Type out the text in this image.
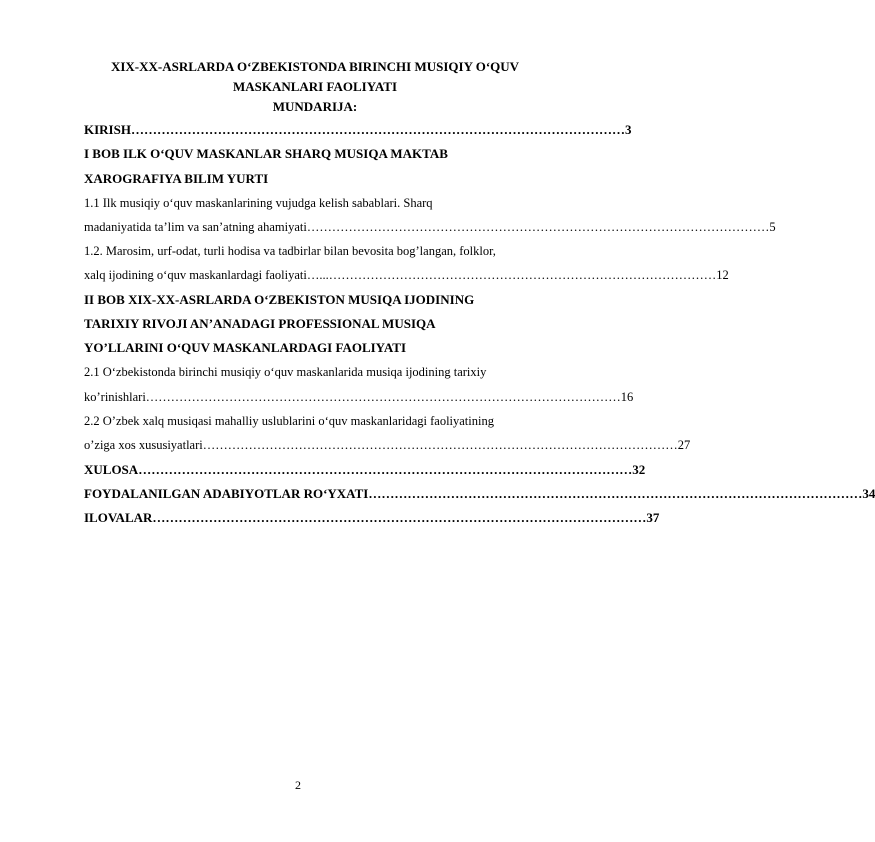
XIX-XX-ASRLARDA O‘ZBEKISTONDA BIRINCHI MUSIQIY O‘QUV
MASKANLARI FAOLIYATI
MUNDARIJA:
KIRISH …………………………………………………………………………………………………… 3
I BOB ILK O‘QUV MASKANLAR SHARQ MUSIQA MAKTAB
XAROGRAFIYA BILIM YURTI
1.1 Ilk musiqiy o‘quv maskanlarining vujudga kelish sabablari. Sharq
madaniyatida ta’lim va san’atning ahamiyati ………………………………………………………………………………………………… 5
1.2. Marosim, urf-odat, turli hodisa va tadbirlar bilan bevosita bog’langan, folklor,
xalq ijodining o‘quv maskanlardagi faoliyati …...………………………………………………………………………………… 12
II BOB XIX-XX-ASRLARDA O‘ZBEKISTON MUSIQA IJODINING
TARIXIY RIVOJI AN’ANADAGI PROFESSIONAL MUSIQA
YO’LLARINI O‘QUV MASKANLARDAGI FAOLIYATI
2.1 O‘zbekistonda birinchi musiqiy o‘quv maskanlarida musiqa ijodining tarixiy
ko’rinishlari …………………………………………………………………………………………………… 16
2.2 O’zbek xalq musiqasi mahalliy uslublarini o‘quv maskanlaridagi faoliyatining
o’ziga xos xususiyatlari …………………………………………………………………………………………………… 27
XULOSA …………………………………………………………………………………………………… 32
FOYDALANILGAN ADABIYOTLAR RO‘YXATI …………………………………………………………………………………………………… 34
ILOVALAR …………………………………………………………………………………………………… 37
2
